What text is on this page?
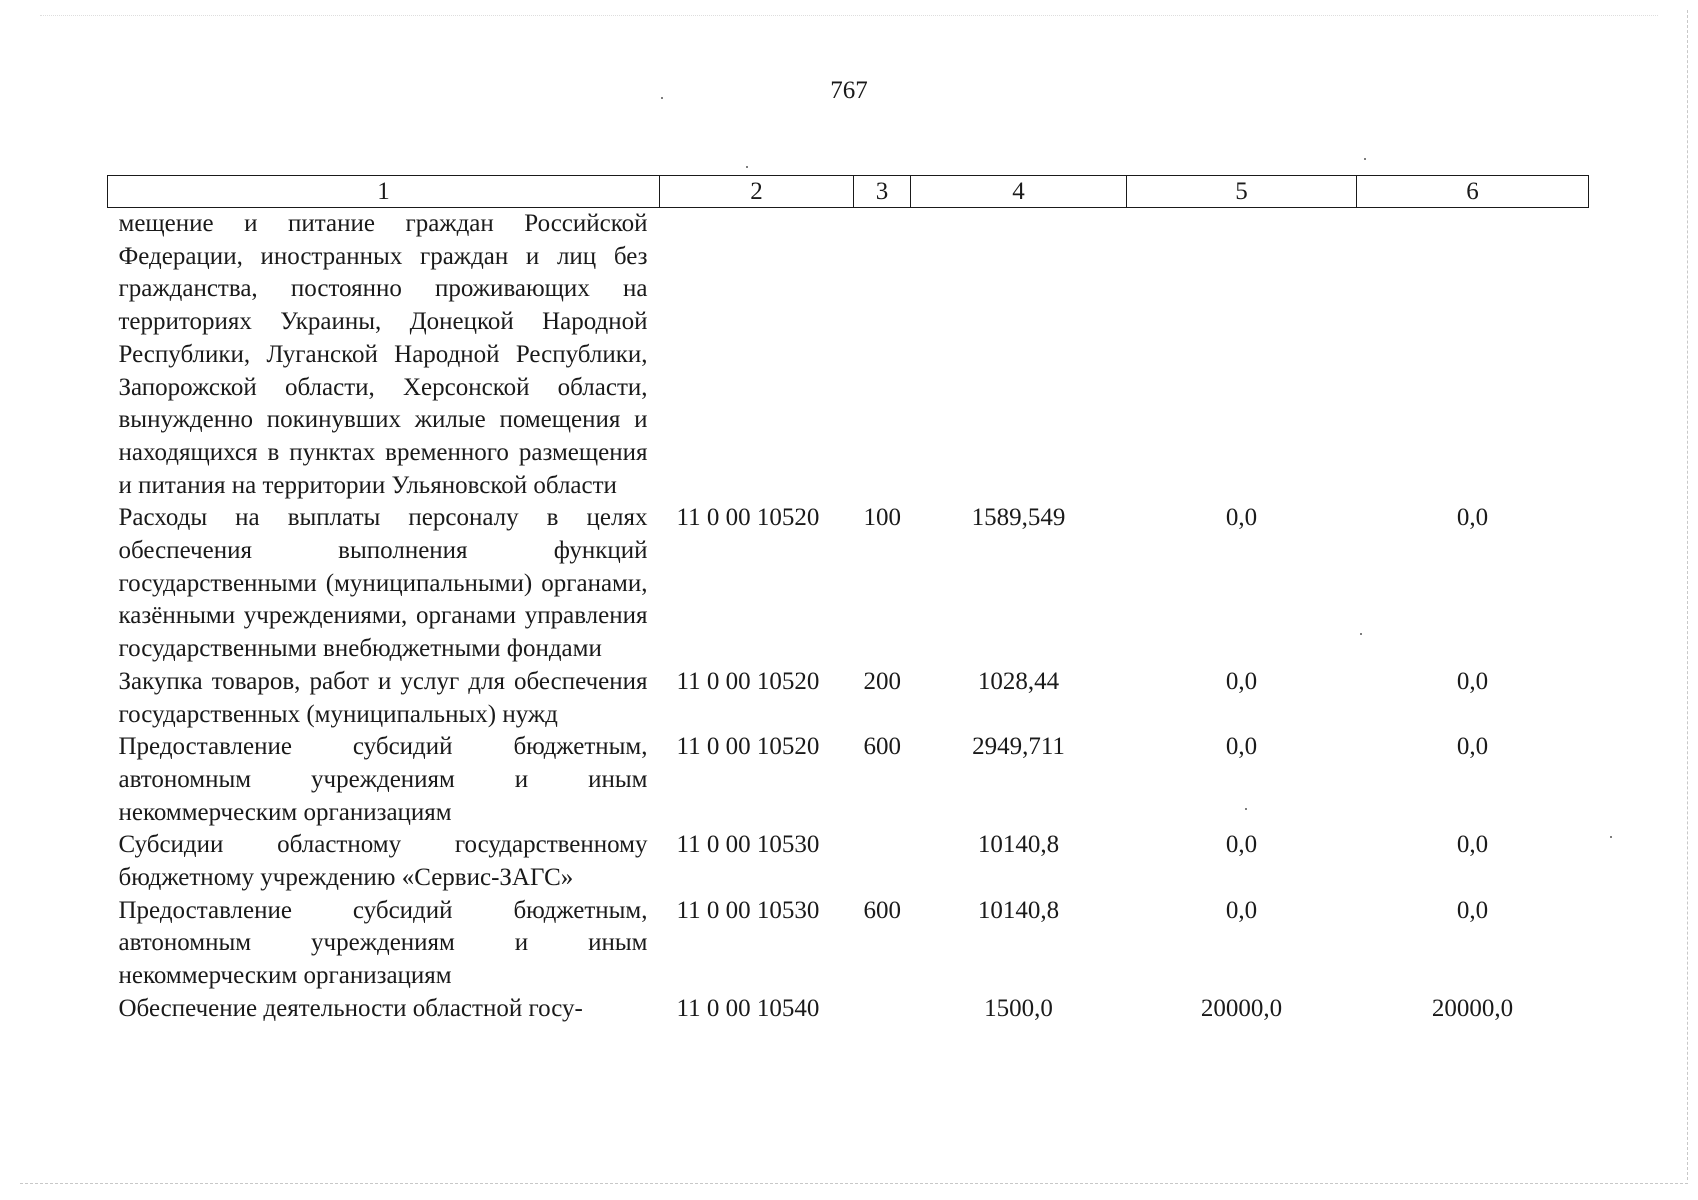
767
1	2	3	4	5	6
мещение и питание граждан Российской Федерации, иностранных граждан и лиц без гражданства, постоянно проживающих на территориях Украины, Донецкой Народной Республики, Луганской Народной Республики, Запорожской области, Херсонской области, вынужденно покинувших жилые помещения и находящихся в пунктах временного размещения и питания на территории Ульяновской области					
Расходы на выплаты персоналу в целях обеспечения выполнения функций государственными (муниципальными) органами, казёнными учреждениями, органами управления государственными внебюджетными фондами	11 0 00 10520	100	1589,549	0,0	0,0
Закупка товаров, работ и услуг для обеспечения государственных (муниципальных) нужд	11 0 00 10520	200	1028,44	0,0	0,0
Предоставление субсидий бюджетным, автономным учреждениям и иным некоммерческим организациям	11 0 00 10520	600	2949,711	0,0	0,0
Субсидии областному государственному бюджетному учреждению «Сервис-ЗАГС»	11 0 00 10530		10140,8	0,0	0,0
Предоставление субсидий бюджетным, автономным учреждениям и иным некоммерческим организациям	11 0 00 10530	600	10140,8	0,0	0,0
Обеспечение деятельности областной госу-	11 0 00 10540		1500,0	20000,0	20000,0
